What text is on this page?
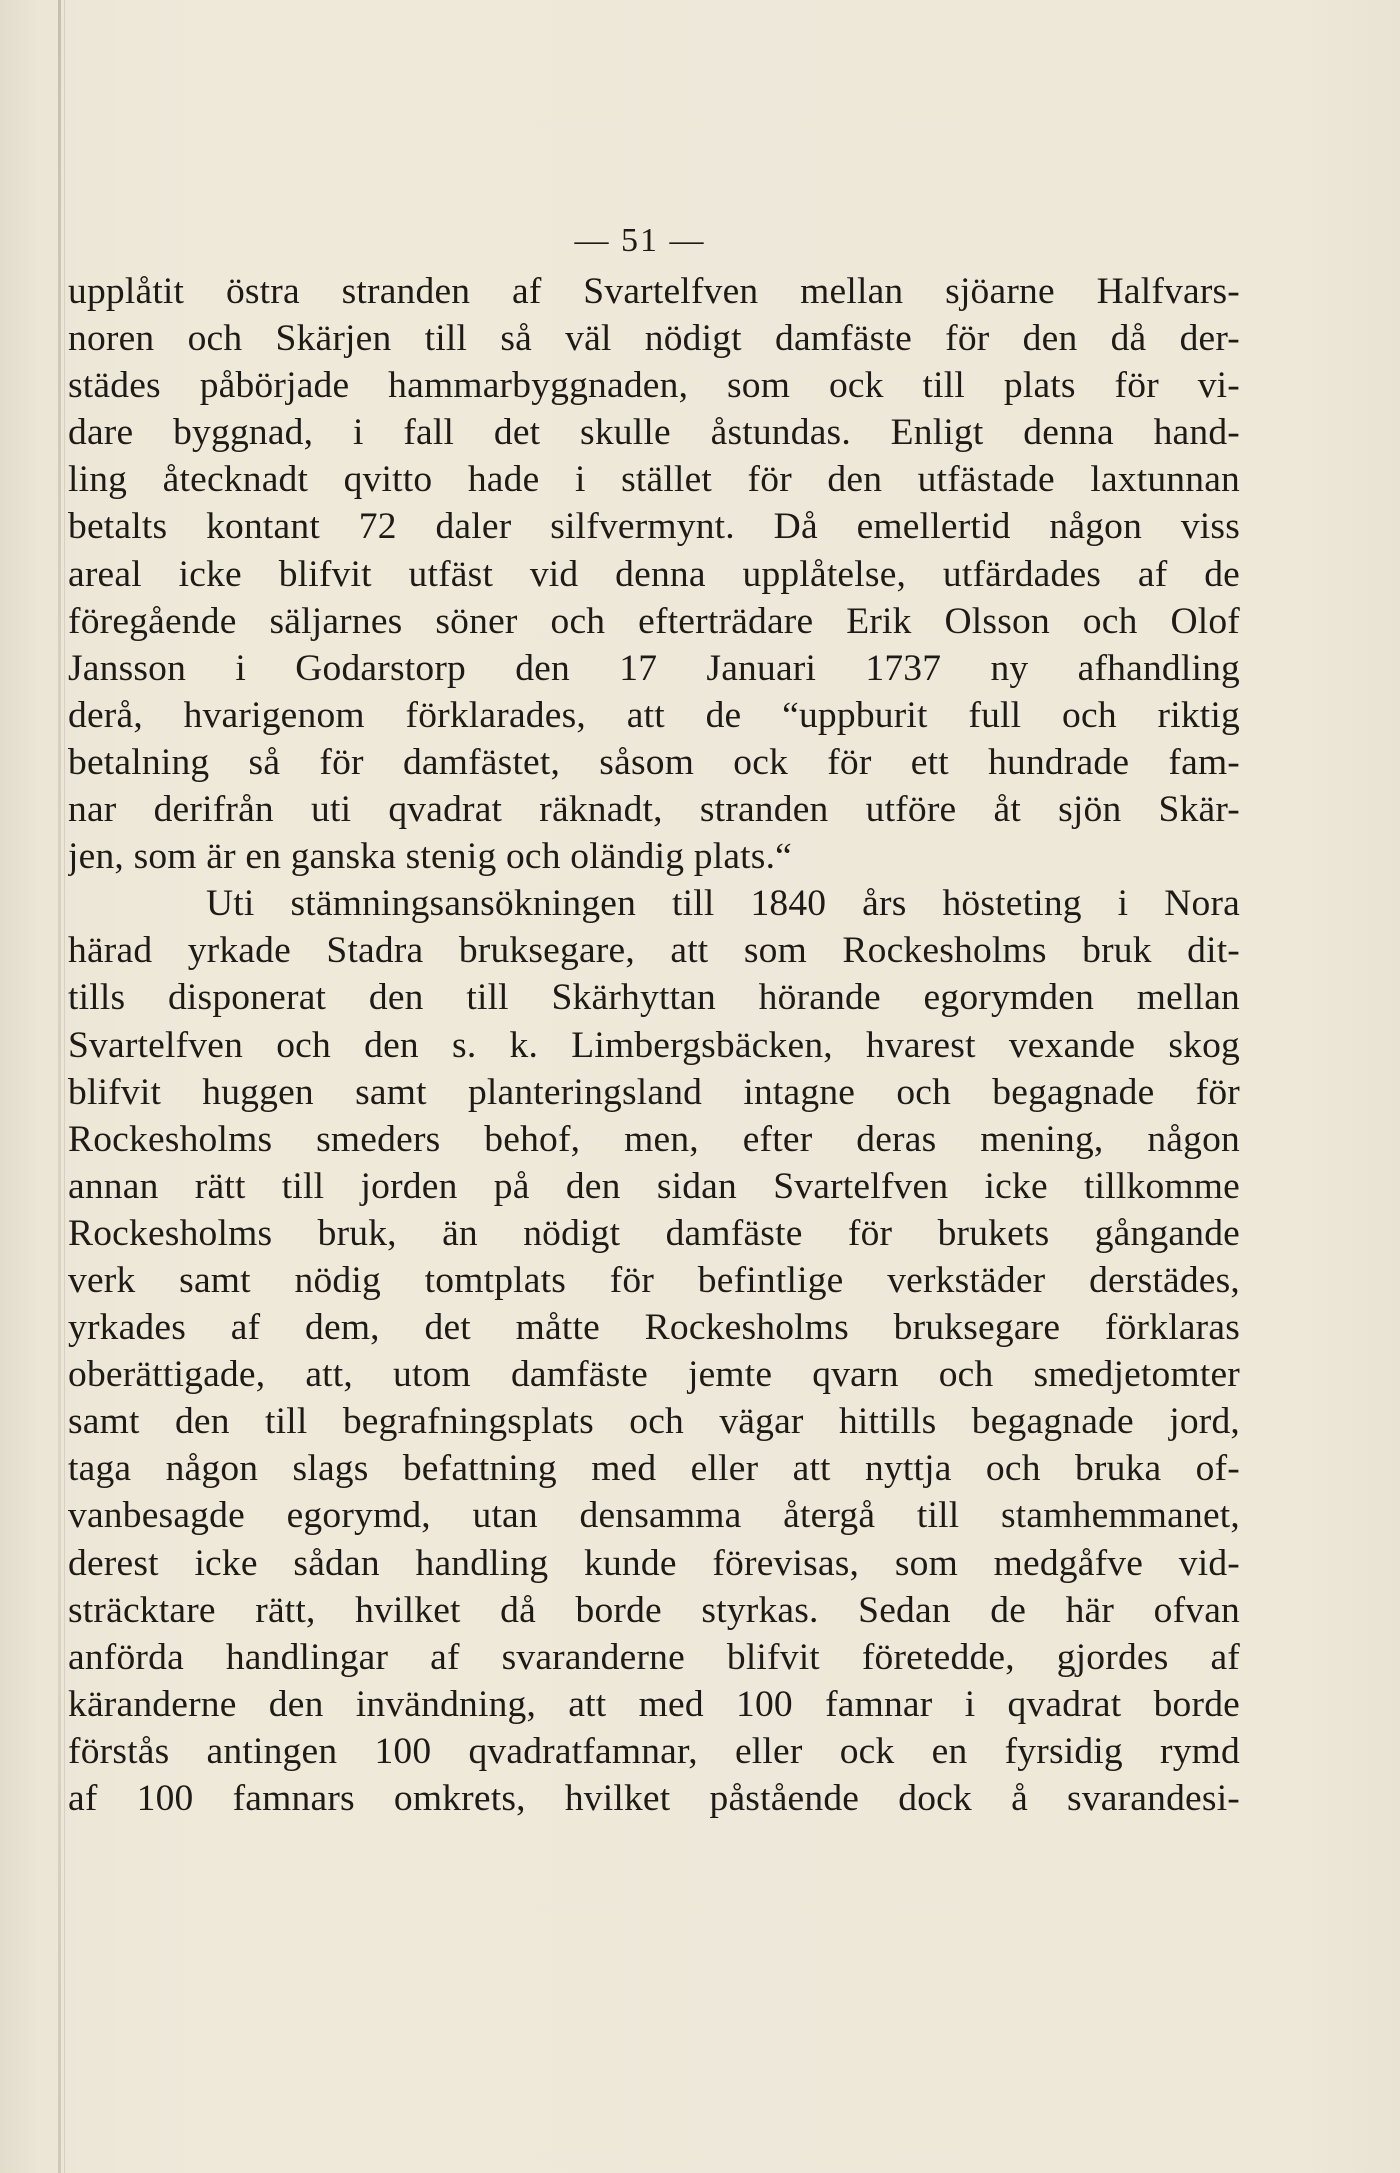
— 51 —
upplåtit östra stranden af Svartelfven mellan sjöarne Halfvars-
noren och Skärjen till så väl nödigt damfäste för den då der-
städes påbörjade hammarbyggnaden, som ock till plats för vi-
dare byggnad, i fall det skulle åstundas. Enligt denna hand-
ling åtecknadt qvitto hade i stället för den utfästade laxtunnan
betalts kontant 72 daler silfvermynt. Då emellertid någon viss
areal icke blifvit utfäst vid denna upplåtelse, utfärdades af de
föregående säljarnes söner och efterträdare Erik Olsson och Olof
Jansson i Godarstorp den 17 Januari 1737 ny afhandling
derå, hvarigenom förklarades, att de “uppburit full och riktig
betalning så för damfästet, såsom ock för ett hundrade fam-
nar derifrån uti qvadrat räknadt, stranden utföre åt sjön Skär-
jen, som är en ganska stenig och oländig plats.“
Uti stämningsansökningen till 1840 års hösteting i Nora
härad yrkade Stadra bruksegare, att som Rockesholms bruk dit-
tills disponerat den till Skärhyttan hörande egorymden mellan
Svartelfven och den s. k. Limbergsbäcken, hvarest vexande skog
blifvit huggen samt planteringsland intagne och begagnade för
Rockesholms smeders behof, men, efter deras mening, någon
annan rätt till jorden på den sidan Svartelfven icke tillkomme
Rockesholms bruk, än nödigt damfäste för brukets gångande
verk samt nödig tomtplats för befintlige verkstäder derstädes,
yrkades af dem, det måtte Rockesholms bruksegare förklaras
oberättigade, att, utom damfäste jemte qvarn och smedjetomter
samt den till begrafningsplats och vägar hittills begagnade jord,
taga någon slags befattning med eller att nyttja och bruka of-
vanbesagde egorymd, utan densamma återgå till stamhemmanet,
derest icke sådan handling kunde förevisas, som medgåfve vid-
sträcktare rätt, hvilket då borde styrkas. Sedan de här ofvan
anförda handlingar af svaranderne blifvit företedde, gjordes af
käranderne den invändning, att med 100 famnar i qvadrat borde
förstås antingen 100 qvadratfamnar, eller ock en fyrsidig rymd
af 100 famnars omkrets, hvilket påstående dock å svarandesi-
